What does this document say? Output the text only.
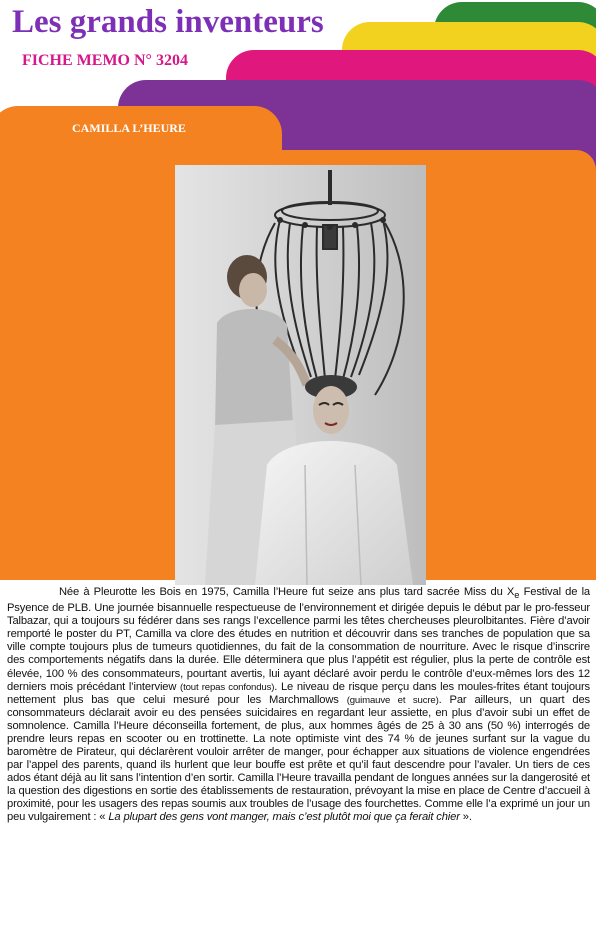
Les grands inventeurs
FICHE MEMO N° 3204
CAMILLA L’HEURE

Née à Pleurotte les Bois en 1975, Camilla l’Heure fut seize ans plus tard sacrée Miss du $X_e$ Festival de la Psyence de PLB. Une journée bisannuelle respectueuse de l’environnement et dirigée depuis le début par le pro-fesseur Talbazar, qui a toujours su fédérer dans ses rangs l’excellence parmi les têtes chercheuses pleurolbitantes. Fière d’avoir remporté le poster du PT, Camilla va clore des études en nutrition et découvrir dans ses tranches de population que sa ville compte toujours plus de tumeurs quotidiennes, du fait de la consommation de nourriture. Avec le risque d’inscrire des comportements négatifs dans la durée. Elle déterminera que plus l’appétit est régulier, plus la perte de contrôle est élevée, 100 % des consommateurs, pourtant avertis, lui ayant déclaré avoir perdu le contrôle d’eux-mêmes lors des 12 derniers mois précédant l’interview (tout repas confondus). Le niveau de risque perçu dans les moules-frites étant toujours nettement plus bas que celui mesuré pour les Marchmallows (guimauve et sucre). Par ailleurs, un quart des consommateurs déclarait avoir eu des pensées suicidaires en regardant leur assiette, en plus d’avoir subi un effet de somnolence. Camilla l’Heure déconseilla fortement, de plus, aux hommes âgés de 25 à 30 ans (50 %) interrogés de prendre leurs repas en scooter ou en trottinette. La note optimiste vint des 74 % de jeunes surfant sur la vague du baromètre de Pirateur, qui déclarèrent vouloir arrêter de manger, pour échapper aux situations de violence engendrées par l’appel des parents, quand ils hurlent que leur bouffe est prête et qu’il faut descendre pour l’avaler. Un tiers de ces ados étant déjà au lit sans l’intention d’en sortir. Camilla l’Heure travailla pendant de longues années sur la dangerosité et la question des digestions en sortie des établissements de restauration, prévoyant la mise en place de Centre d’accueil à proximité, pour les usagers des repas soumis aux troubles de l’usage des fourchettes. Comme elle l’a exprimé un jour un peu vulgairement : « La plupart des gens vont manger, mais c’est plutôt moi que ça ferait chier ».
